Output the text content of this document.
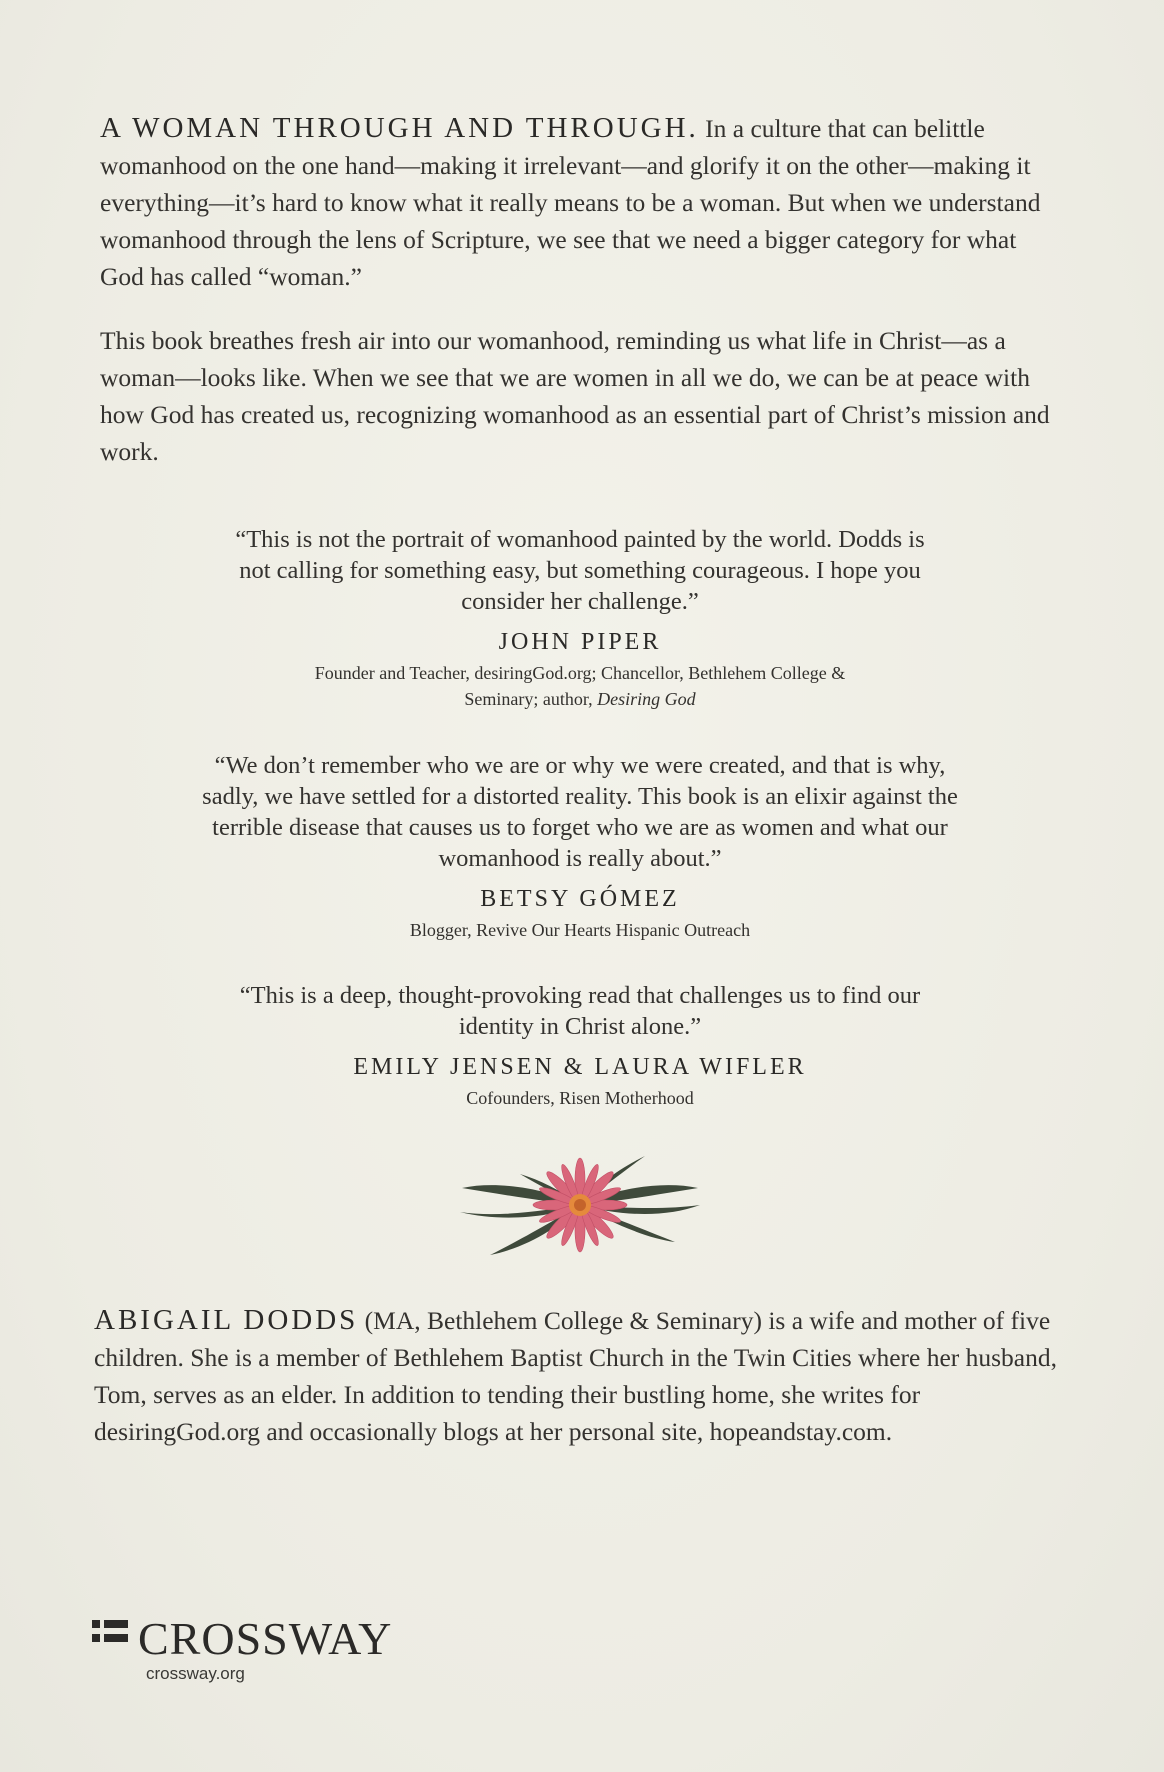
A WOMAN THROUGH AND THROUGH. In a culture that can belittle womanhood on the one hand—making it irrelevant—and glorify it on the other—making it everything—it’s hard to know what it really means to be a woman. But when we understand womanhood through the lens of Scripture, we see that we need a bigger category for what God has called “woman.”
This book breathes fresh air into our womanhood, reminding us what life in Christ—as a woman—looks like. When we see that we are women in all we do, we can be at peace with how God has created us, recognizing womanhood as an essential part of Christ’s mission and work.
“This is not the portrait of womanhood painted by the world. Dodds is not calling for something easy, but something courageous. I hope you consider her challenge.”
JOHN PIPER
Founder and Teacher, desiringGod.org; Chancellor, Bethlehem College & Seminary; author, Desiring God
“We don’t remember who we are or why we were created, and that is why, sadly, we have settled for a distorted reality. This book is an elixir against the terrible disease that causes us to forget who we are as women and what our womanhood is really about.”
BETSY GÓMEZ
Blogger, Revive Our Hearts Hispanic Outreach
“This is a deep, thought-provoking read that challenges us to find our identity in Christ alone.”
EMILY JENSEN & LAURA WIFLER
Cofounders, Risen Motherhood
ABIGAIL DODDS (MA, Bethlehem College & Seminary) is a wife and mother of five children. She is a member of Bethlehem Baptist Church in the Twin Cities where her husband, Tom, serves as an elder. In addition to tending their bustling home, she writes for desiringGod.org and occasionally blogs at her personal site, hopeandstay.com.
CROSSWAY
crossway.org
